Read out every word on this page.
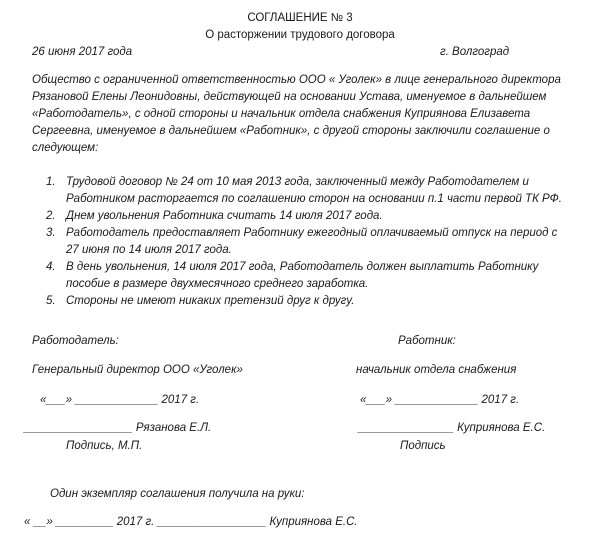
СОГЛАШЕНИЕ № 3
О расторжении трудового договора
26 июня 2017 года	г. Волгоград
Общество с ограниченной ответственностью ООО « Уголек» в лице генерального директора
Рязановой Елены Леонидовны, действующей на основании Устава, именуемое в дальнейшем
«Работодатель», с одной стороны и начальник отдела снабжения Куприянова Елизавета
Сергеевна, именуемое в дальнейшем «Работник», с другой стороны заключили соглашение о
следующем:
1. Трудовой договор № 24 от 10 мая 2013 года, заключенный между Работодателем и
Работником расторгается по соглашению сторон на основании п.1 части первой ТК РФ.
2. Днем увольнения Работника считать 14 июля 2017 года.
3. Работодатель предоставляет Работнику ежегодный оплачиваемый отпуск на период с
27 июня по 14 июля 2017 года.
4. В день увольнения, 14 июля 2017 года, Работодатель должен выплатить Работнику
пособие в размере двухмесячного среднего заработка.
5. Стороны не имеют никаких претензий друг к другу.
Работодатель:
Генеральный директор ООО «Уголек»
«___» _____________ 2017 г.
_________________ Рязанова Е.Л.
Подпись, М.П.
Работник:
начальник отдела снабжения
«___» _____________ 2017 г.
_______________ Куприянова Е.С.
Подпись
Один экземпляр соглашения получила на руки:
« __» _________ 2017 г. _________________ Куприянова Е.С.
